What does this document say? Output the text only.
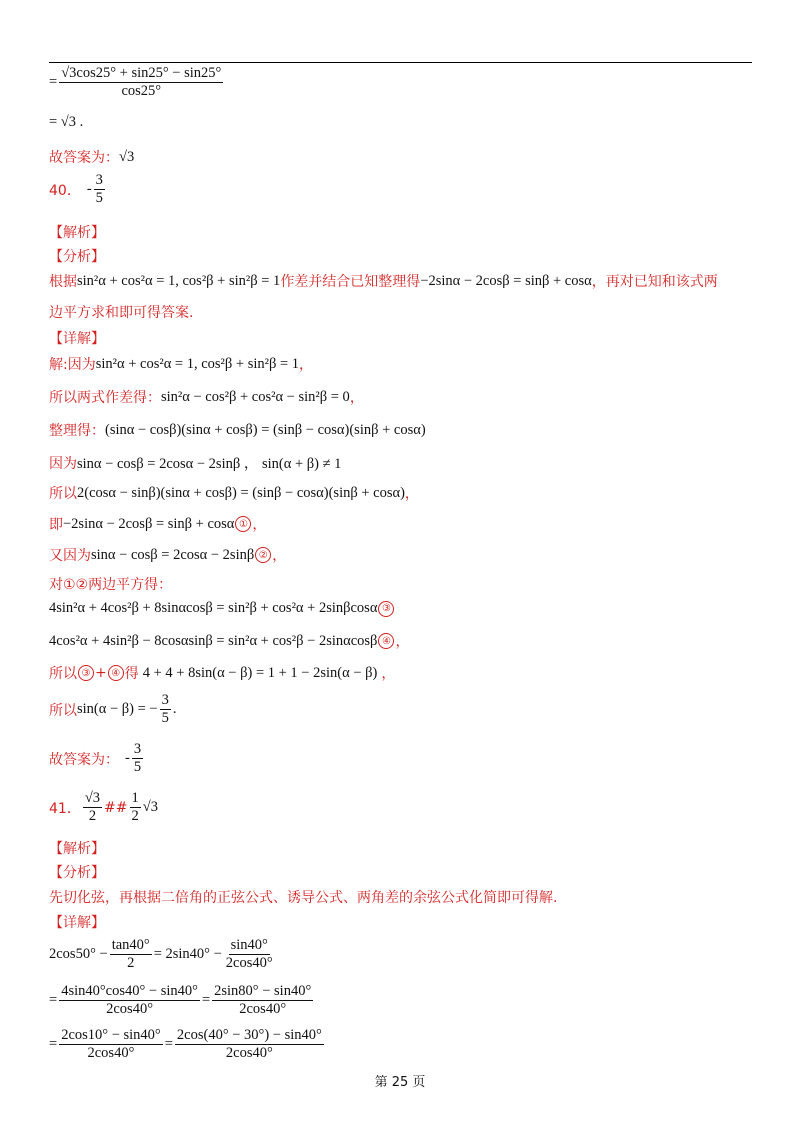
= $\frac{√3\cos 25^\circ + \sin 25^\circ - \sin 25^\circ}{\cos 25^\circ}$
= √3 .
故答案为： √3
40． - $\frac{3}{5}$
【解析】
【分析】
根据 sin²α + cos²α = 1, cos²β + sin²β = 1 作差并结合已知整理得 −2sinα − 2cosβ = sinβ + cosα ，再对已知和该式两
边平方求和即可得答案.
【详解】
解:因为 sin²α + cos²α = 1, cos²β + sin²β = 1 ，
所以两式作差得： sin²α − cos²β + cos²α − sin²β = 0 ，
整理得： (sinα − cosβ)(sinα + cosβ) = (sinβ − cosα)(sinβ + cosα)
因为 sinα − cosβ = 2cosα − 2sinβ ， sin(α + β) ≠ 1
所以 2(cosα − sinβ)(sinα + cosβ) = (sinβ − cosα)(sinβ + cosα) ，
即 −2sinα − 2cosβ = sinβ + cosα ① ，
又因为 sinα − cosβ = 2cosα − 2sinβ ② ，
对①②两边平方得：
4sin²α + 4cos²β + 8sinαcosβ = sin²β + cos²α + 2sinβcosα ③
4cos²α + 4sin²β − 8cosαsinβ = sin²α + cos²β − 2sinαcosβ ④ ，
所以 ③ + ④ 得 4 + 4 + 8sin(α − β) = 1 + 1 − 2sin(α − β) ，
所以 sin(α − β) = − $\frac{3}{5}$ .
故答案为： - $\frac{3}{5}$
41． $\frac{√3}{2}$ ## $\frac{1}{2} √3$
【解析】
【分析】
先切化弦，再根据二倍角的正弦公式、诱导公式、两角差的余弦公式化简即可得解.
【详解】
$2\cos 50^\circ - \frac{\tan 40^\circ}{2} = 2\sin 40^\circ - \frac{\sin 40^\circ}{2\cos 40^\circ}$
= $\frac{4\sin 40^\circ\cos 40^\circ - \sin 40^\circ}{2\cos 40^\circ} = \frac{2\sin 80^\circ - \sin 40^\circ}{2\cos 40^\circ}$
= $\frac{2\cos 10^\circ - \sin 40^\circ}{2\cos 40^\circ} = \frac{2\cos(40^\circ - 30^\circ) - \sin 40^\circ}{2\cos 40^\circ}$
第 25 页
